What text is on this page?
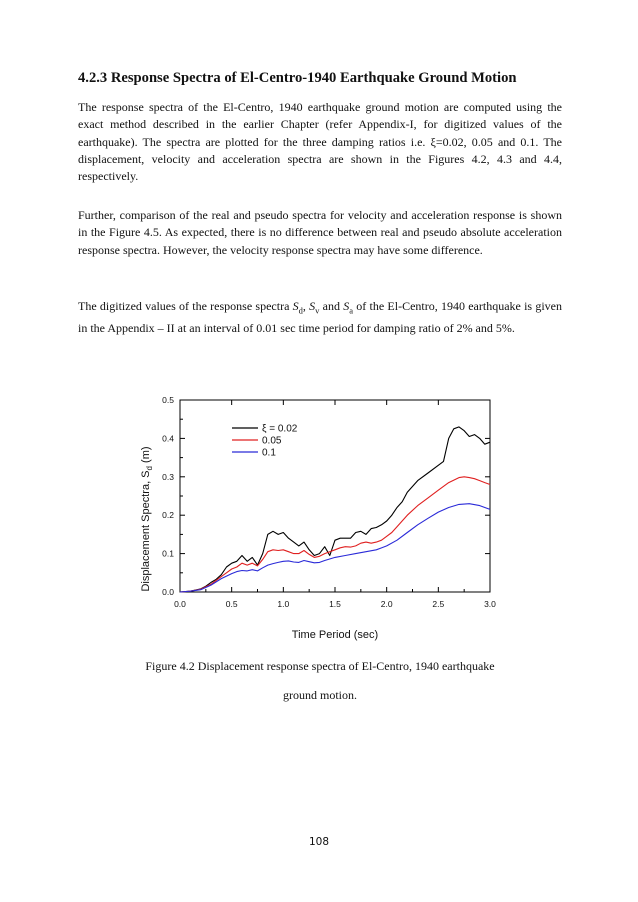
4.2.3 Response Spectra of El-Centro-1940 Earthquake Ground Motion
The response spectra of the El-Centro, 1940 earthquake ground motion are computed using the exact method described in the earlier Chapter (refer Appendix-I, for digitized values of the earthquake). The spectra are plotted for the three damping ratios i.e. ξ=0.02, 0.05 and 0.1. The displacement, velocity and acceleration spectra are shown in the Figures 4.2, 4.3 and 4.4, respectively.
Further, comparison of the real and pseudo spectra for velocity and acceleration response is shown in the Figure 4.5. As expected, there is no difference between real and pseudo absolute acceleration response spectra. However, the velocity response spectra may have some difference.
The digitized values of the response spectra $S_d$, $S_v$ and $S_a$ of the El-Centro, 1940 earthquake is given in the Appendix – II at an interval of 0.01 sec time period for damping ratio of 2% and 5%.
0.0	0.5	1.0	1.5	2.0	2.5	3.0
0.0
0.1
0.2
0.3
0.4
0.5
ξ = 0.02
0.05
0.1
Time Period (sec)
Displacement Spectra, $S_d$ (m)
Figure 4.2 Displacement response spectra of El-Centro, 1940 earthquake
ground motion.
108
